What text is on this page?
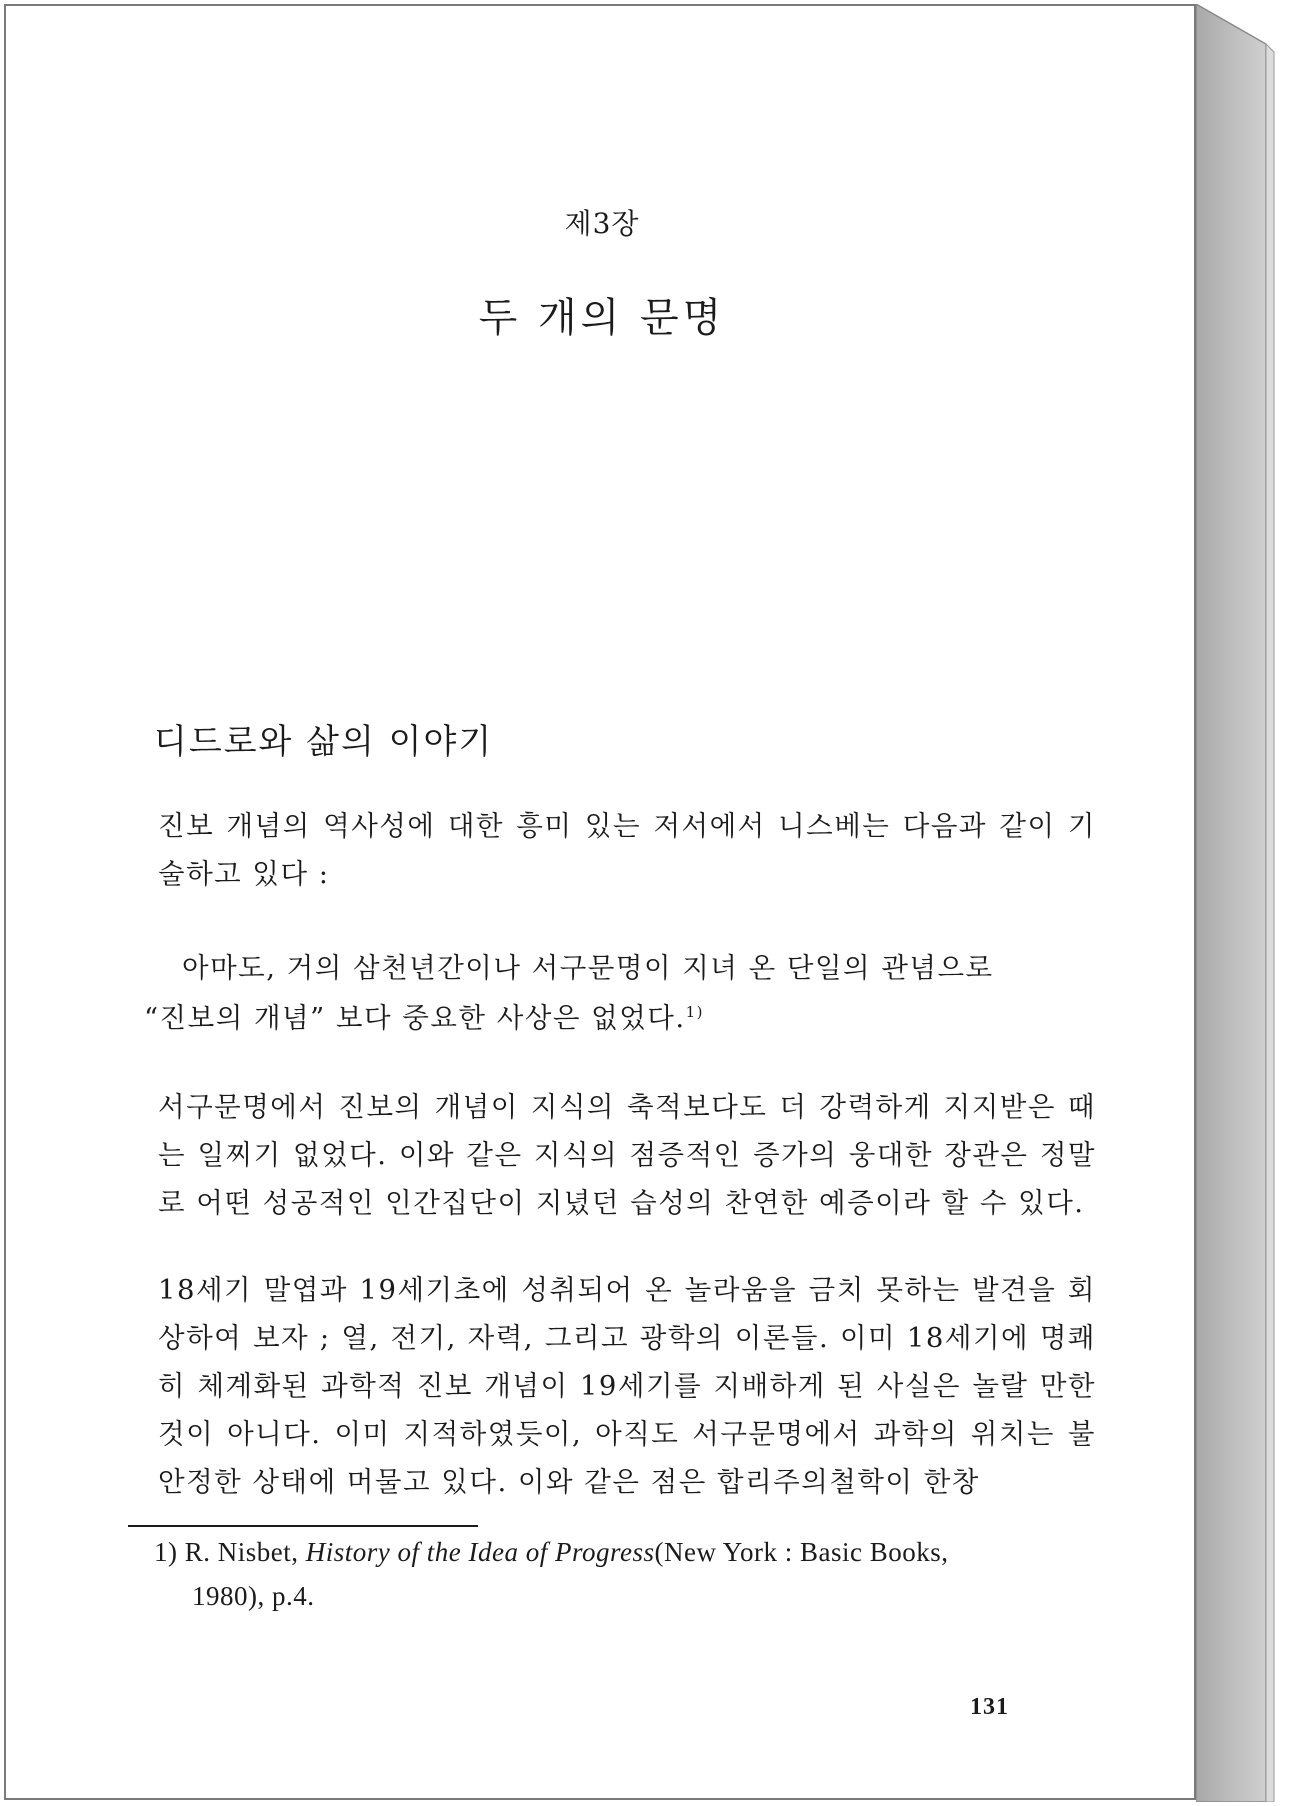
제3장
두 개의 문명
디드로와 삶의 이야기
진보 개념의 역사성에 대한 흥미 있는 저서에서 니스베는 다음과 같이 기술하고 있다 :
아마도, 거의 삼천년간이나 서구문명이 지녀 온 단일의 관념으로
“진보의 개념” 보다 중요한 사상은 없었다.$^{1)}$
서구문명에서 진보의 개념이 지식의 축적보다도 더 강력하게 지지받은 때는 일찌기 없었다. 이와 같은 지식의 점증적인 증가의 웅대한 장관은 정말로 어떤 성공적인 인간집단이 지녔던 습성의 찬연한 예증이라 할 수 있다.
18세기 말엽과 19세기초에 성취되어 온 놀라움을 금치 못하는 발견을 회상하여 보자 ; 열, 전기, 자력, 그리고 광학의 이론들. 이미 18세기에 명쾌히 체계화된 과학적 진보 개념이 19세기를 지배하게 된 사실은 놀랄 만한 것이 아니다. 이미 지적하였듯이, 아직도 서구문명에서 과학의 위치는 불안정한 상태에 머물고 있다. 이와 같은 점은 합리주의철학이 한창
1) R. Nisbet, History of the Idea of Progress(New York : Basic Books,
1980), p.4.
131
